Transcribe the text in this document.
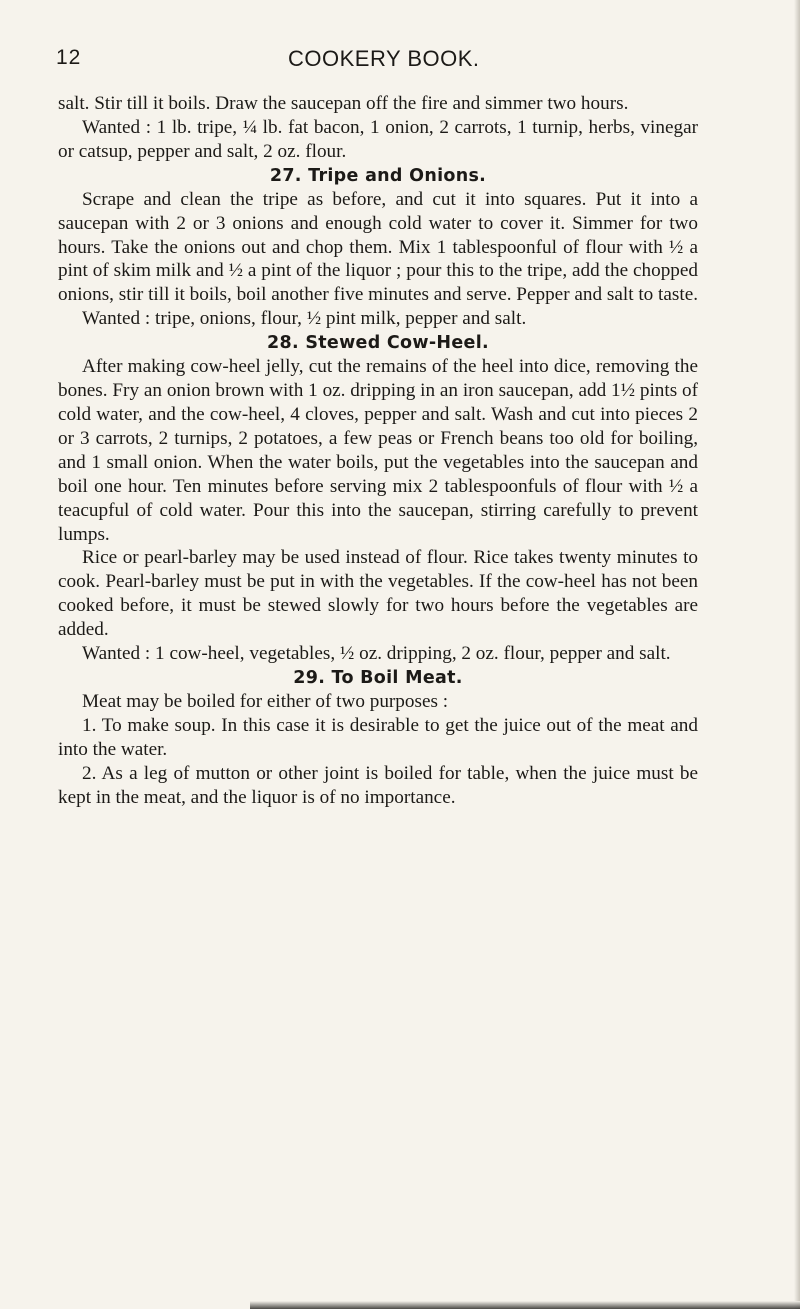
12	COOKERY BOOK.

salt. Stir till it boils. Draw the saucepan off the fire and simmer two hours.

Wanted : 1 lb. tripe, ¼ lb. fat bacon, 1 onion, 2 carrots, 1 turnip, herbs, vinegar or catsup, pepper and salt, 2 oz. flour.

27. Tripe and Onions.

Scrape and clean the tripe as before, and cut it into squares. Put it into a saucepan with 2 or 3 onions and enough cold water to cover it. Simmer for two hours. Take the onions out and chop them. Mix 1 tablespoonful of flour with ½ a pint of skim milk and ½ a pint of the liquor ; pour this to the tripe, add the chopped onions, stir till it boils, boil another five minutes and serve. Pepper and salt to taste.

Wanted : tripe, onions, flour, ½ pint milk, pepper and salt.

28. Stewed Cow-Heel.

After making cow-heel jelly, cut the remains of the heel into dice, removing the bones. Fry an onion brown with 1 oz. dripping in an iron saucepan, add 1½ pints of cold water, and the cow-heel, 4 cloves, pepper and salt. Wash and cut into pieces 2 or 3 carrots, 2 turnips, 2 potatoes, a few peas or French beans too old for boiling, and 1 small onion. When the water boils, put the vegetables into the saucepan and boil one hour. Ten minutes before serving mix 2 tablespoonfuls of flour with ½ a teacupful of cold water. Pour this into the saucepan, stirring carefully to prevent lumps.

Rice or pearl-barley may be used instead of flour. Rice takes twenty minutes to cook. Pearl-barley must be put in with the vegetables. If the cow-heel has not been cooked before, it must be stewed slowly for two hours before the vegetables are added.

Wanted : 1 cow-heel, vegetables, ½ oz. dripping, 2 oz. flour, pepper and salt.

29. To Boil Meat.

Meat may be boiled for either of two purposes :

1. To make soup. In this case it is desirable to get the juice out of the meat and into the water.

2. As a leg of mutton or other joint is boiled for table, when the juice must be kept in the meat, and the liquor is of no importance.
